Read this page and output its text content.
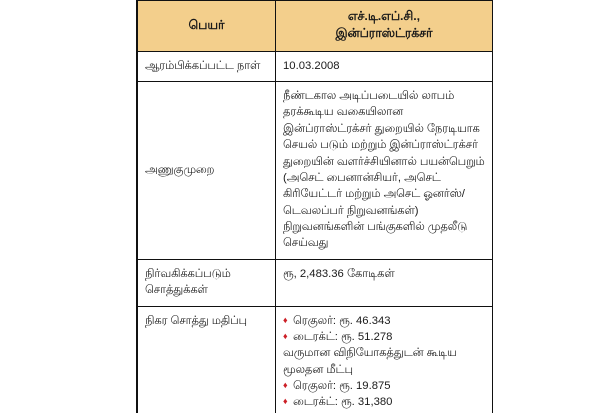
பெயர்	எச்.டி.எப்.சி.,
இன்ப்ராஸ்ட்ரக்சர்
ஆரம்பிக்கப்பட்ட நாள்	10.03.2008
அணுகுமுறை	நீண்டகால அடிப்படையில் லாபம் தரக்கூடிய வகையிலான இன்ப்ராஸ்ட்ரக்சர் துறையில் நேரடியாக செயல் படும் மற்றும் இன்ப்ராஸ்ட்ரக்சர் துறையின் வளர்ச்சியினால் பயன்பெறும் (அசெட் பைனான்சியர், அசெட் கிரியேட்டர் மற்றும் அசெட் ஓனர்ஸ்/டெவலப்பர் நிறுவனங்கள்) நிறுவனங்களின் பங்குகளில் முதலீடு செய்வது
நிர்வகிக்கப்படும் சொத்துக்கள்	ரூ, 2,483.36 கோடிகள்
நிகர சொத்து மதிப்பு	♦ ரெகுலர்: ரூ. 46.343
♦ டைரக்ட்: ரூ. 51.278
வருமான விநியோகத்துடன் கூடிய மூலதன மீட்பு
♦ ரெகுலர்: ரூ. 19.875
♦ டைரக்ட்: ரூ. 31,380
